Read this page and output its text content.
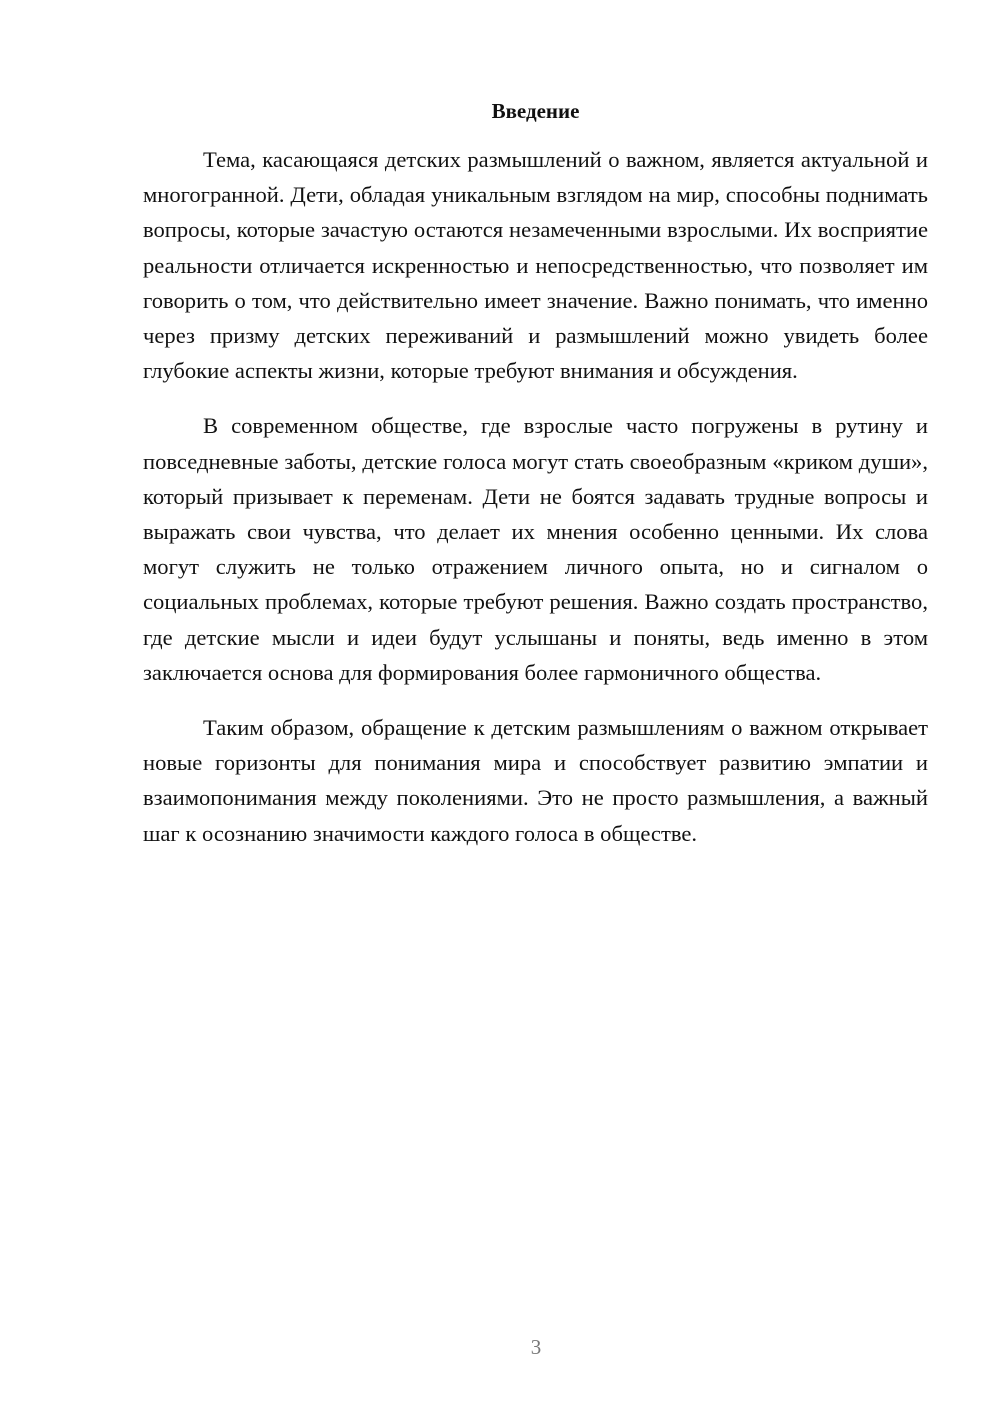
Введение

Тема, касающаяся детских размышлений о важном, является актуальной и многогранной. Дети, обладая уникальным взглядом на мир, способны поднимать вопросы, которые зачастую остаются незамеченными взрослыми. Их восприятие реальности отличается искренностью и непосредственностью, что позволяет им говорить о том, что действительно имеет значение. Важно понимать, что именно через призму детских переживаний и размышлений можно увидеть более глубокие аспекты жизни, которые требуют внимания и обсуждения.

В современном обществе, где взрослые часто погружены в рутину и повседневные заботы, детские голоса могут стать своеобразным «криком души», который призывает к переменам. Дети не боятся задавать трудные вопросы и выражать свои чувства, что делает их мнения особенно ценными. Их слова могут служить не только отражением личного опыта, но и сигналом о социальных проблемах, которые требуют решения. Важно создать пространство, где детские мысли и идеи будут услышаны и поняты, ведь именно в этом заключается основа для формирования более гармоничного общества.

Таким образом, обращение к детским размышлениям о важном открывает новые горизонты для понимания мира и способствует развитию эмпатии и взаимопонимания между поколениями. Это не просто размышления, а важный шаг к осознанию значимости каждого голоса в обществе.

3
